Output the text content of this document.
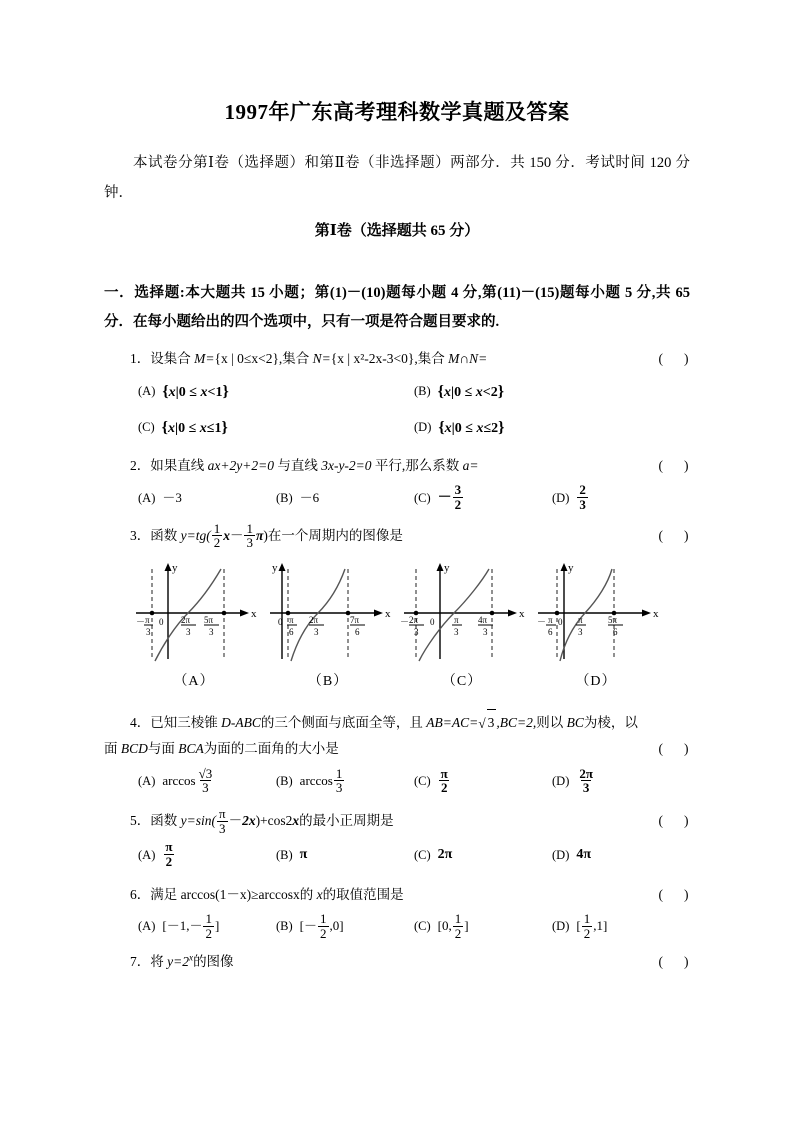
1997年广东高考理科数学真题及答案
本试卷分第Ⅰ卷（选择题）和第Ⅱ卷（非选择题）两部分．共 150 分．考试时间 120 分钟．
第Ⅰ卷（选择题共 65 分）
一．选择题:本大题共 15 小题；第(1)－(10)题每小题 4 分,第(11)－(15)题每小题 5 分,共 65 分．在每小题给出的四个选项中，只有一项是符合题目要求的.
1．设集合 M={x | 0≤x<2},集合 N={x | x²-2x-3<0},集合 M∩N=	(    )
(A) {x|0 ≤ x<1}	(B) {x|0 ≤ x<2}
(C) {x|0 ≤ x≤1}	(D) {x|0 ≤ x≤2}
2．如果直线 ax+2y+2=0 与直线 3x-y-2=0 平行,那么系数 a=	(    )
(A) －3	(B) －6	$(C) - \frac{3}{2}$	$(D) \frac{2}{3}$
3．函数 $y=tg( \frac{1}{2} x- \frac{1}{3} \pi)$在一个周期内的图像是	(    )
x
y
－ π
3
0 2π
3
5π
3
（A）
x
y
0 π
6
2π
3
7π
6
（B）
x
y
－ 2π
3
0 π
3
4π
3
（C）
x
y
－ π
6
0 π
3
5π
6
（D）
4．已知三棱锥 D-ABC的三个侧面与底面全等，且 AB=AC=√ 3 ,BC=2,则以 BC为棱，以
面 BCD与面 BCA为面的二面角的大小是	(    )
(A) $\arccos \frac{√3}{3}$	(B) $\arccos \frac{1}{3}$	$(C) \frac{\pi}{2}$	$(D) \frac{2\pi}{3}$
5．函数 $y=\sin( \frac{\pi}{3} -2x)+\cos 2x$的最小正周期是	(    )
$(A) \frac{\pi}{2}$	(B) π	(C) 2π	(D) 4π
6．满足 arccos(1－x)≥arccosx的 x的取值范围是	(    )
(A) [$-1,- \frac{1}{2}$ ]	(B) [－ $\frac{1}{2} ,0$]	(C) [0, $\frac{1}{2}$ ]	(D) [ $\frac{1}{2} ,1$]
7．将 $y=2^x$的图像	(    )
